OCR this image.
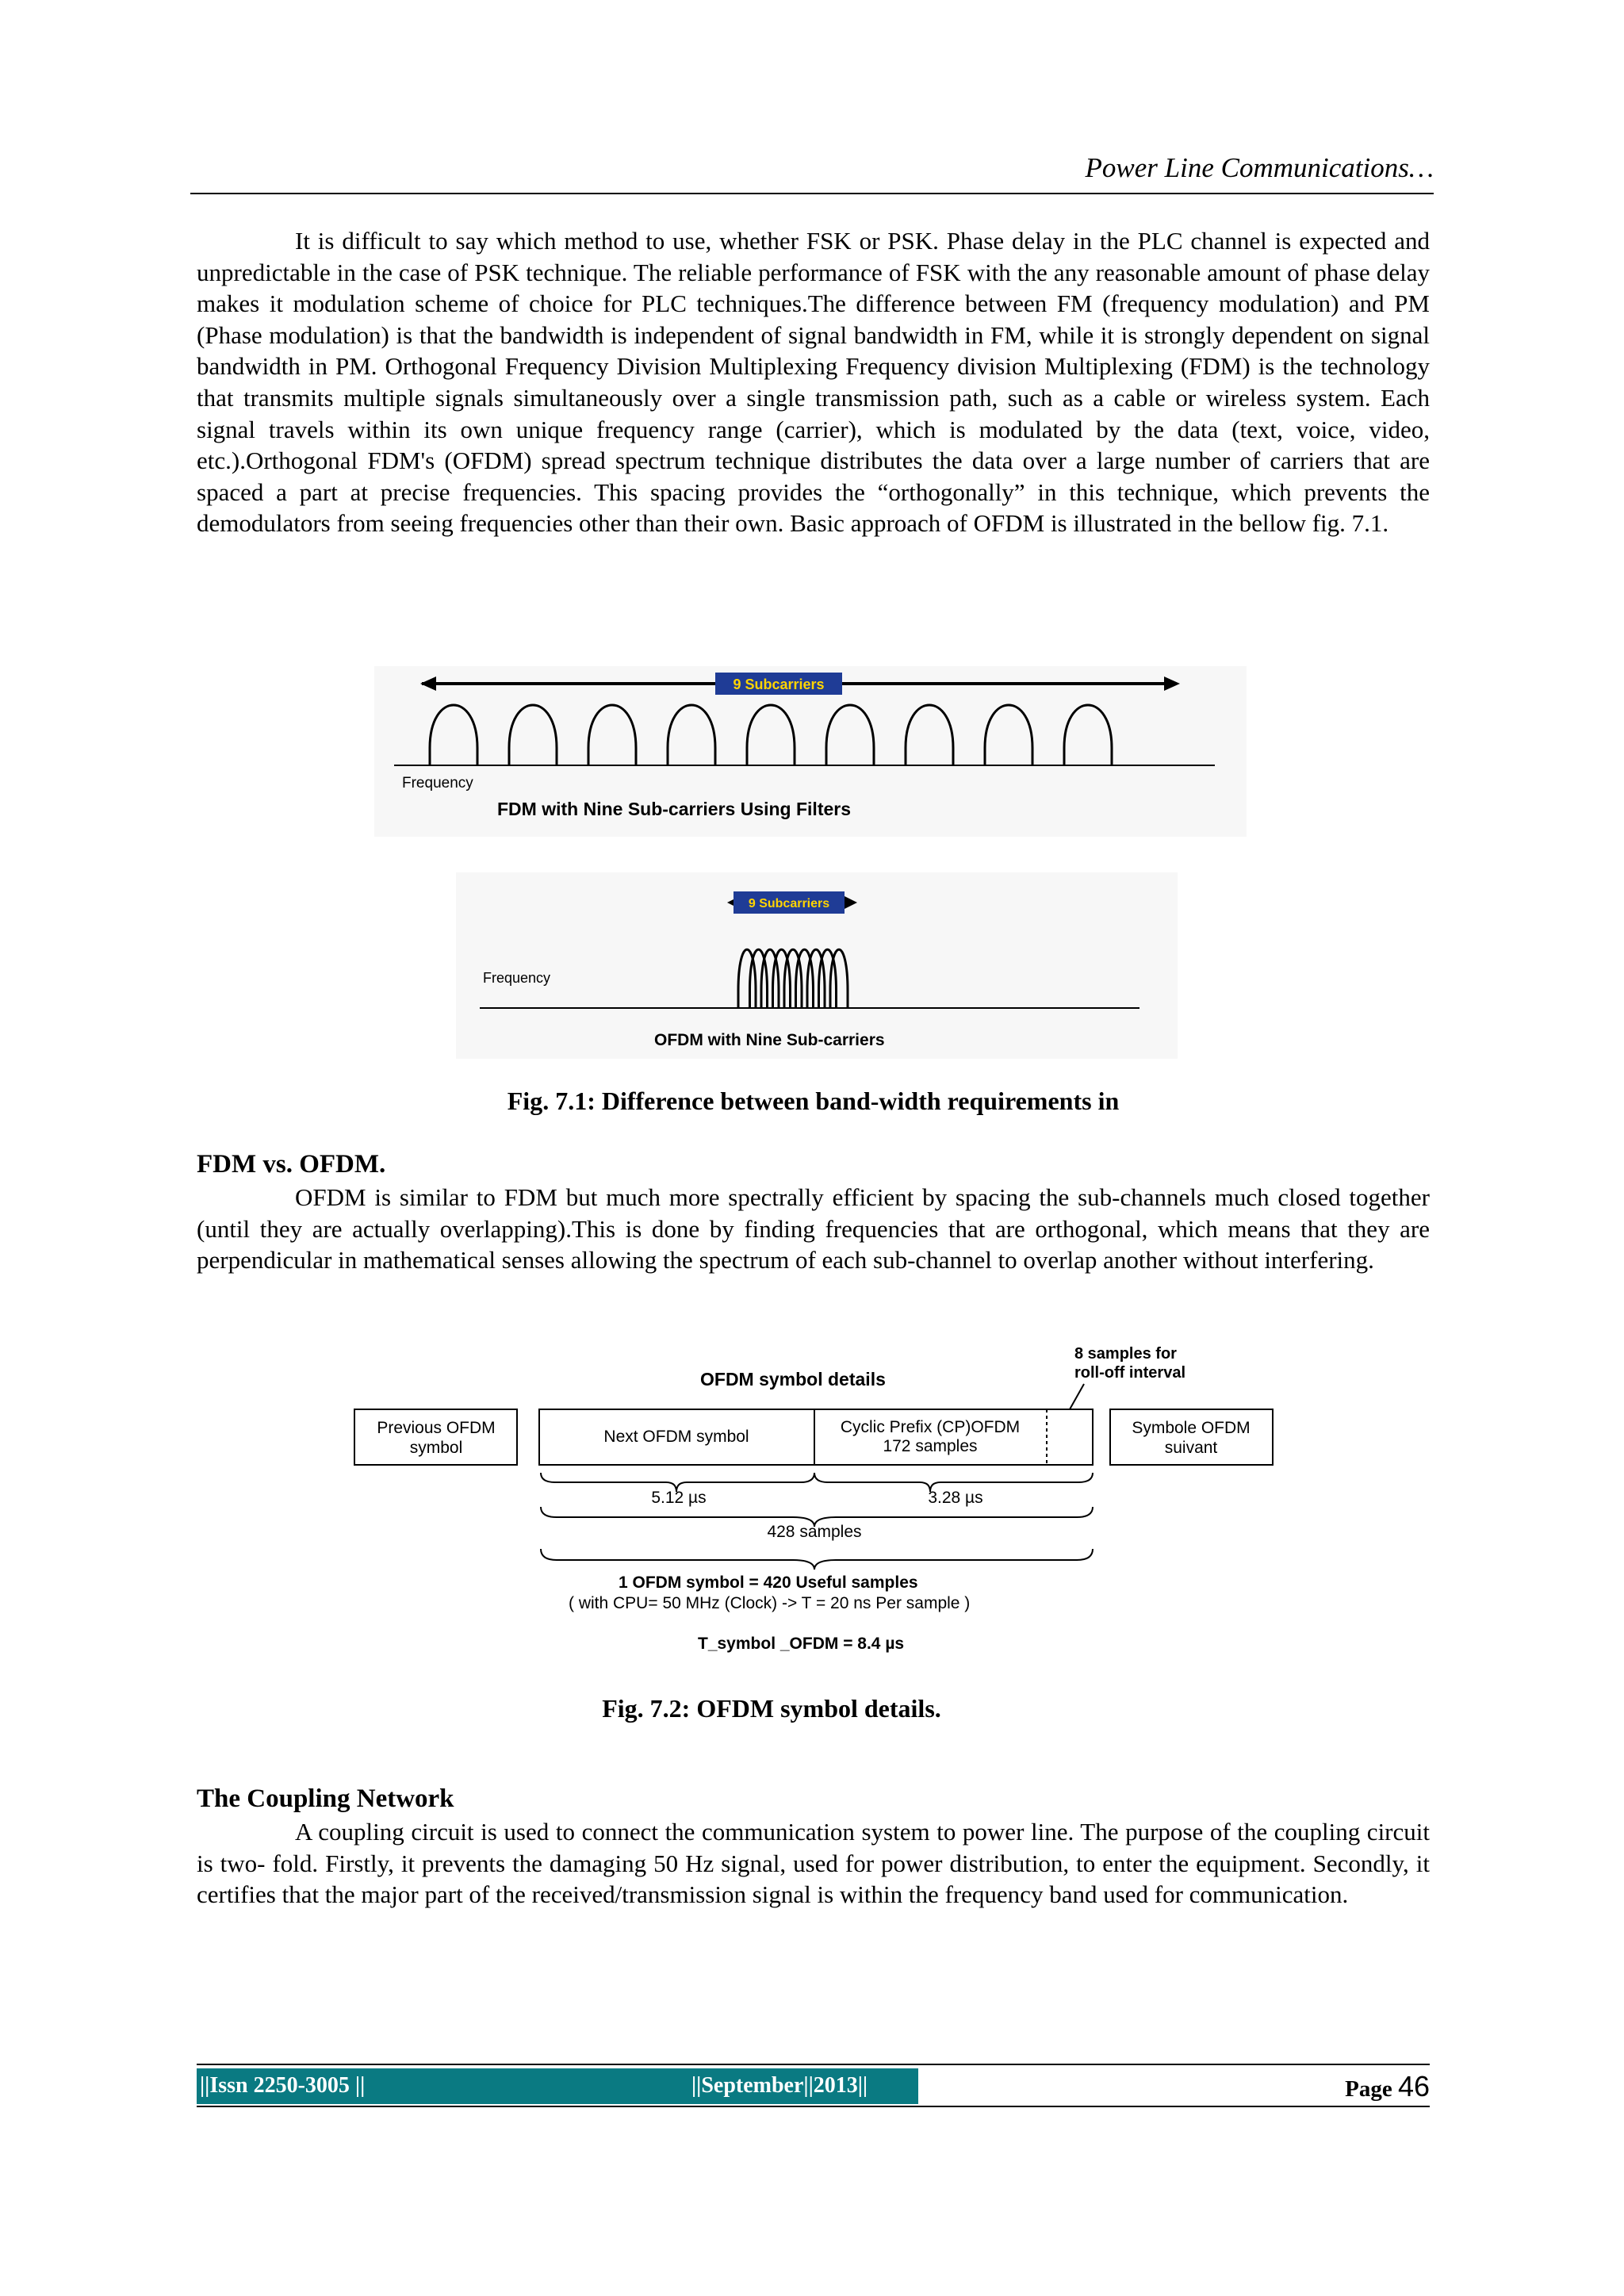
Power Line Communications…

It is difficult to say which method to use, whether FSK or PSK. Phase delay in the PLC channel is expected and unpredictable in the case of PSK technique. The reliable performance of FSK with the any reasonable amount of phase delay makes it modulation scheme of choice for PLC techniques.The difference between FM (frequency modulation) and PM (Phase modulation) is that the bandwidth is independent of signal bandwidth in FM, while it is strongly dependent on signal bandwidth in PM. Orthogonal Frequency Division Multiplexing Frequency division Multiplexing (FDM) is the technology that transmits multiple signals simultaneously over a single transmission path, such as a cable or wireless system. Each signal travels within its own unique frequency range (carrier), which is modulated by the data (text, voice, video, etc.).Orthogonal FDM's (OFDM) spread spectrum technique distributes the data over a large number of carriers that are spaced a part at precise frequencies. This spacing provides the “orthogonally” in this technique, which prevents the demodulators from seeing frequencies other than their own. Basic approach of OFDM is illustrated in the bellow fig. 7.1.

9 Subcarriers
Frequency
FDM with Nine Sub-carriers Using Filters
9 Subcarriers
Frequency
OFDM with Nine Sub-carriers
Fig. 7.1: Difference between band-width requirements in
FDM vs. OFDM.

OFDM is similar to FDM but much more spectrally efficient by spacing the sub-channels much closed together (until they are actually overlapping).This is done by finding frequencies that are orthogonal, which means that they are perpendicular in mathematical senses allowing the spectrum of each sub-channel to overlap another without interfering.

OFDM symbol details
8 samples for
roll-off interval
Previous OFDM
symbol
Next OFDM symbol
Cyclic Prefix (CP)OFDM
172 samples
Symbole OFDM
suivant
5.12 µs	3.28 µs
428 samples
1 OFDM symbol = 420 Useful samples
( with CPU= 50 MHz (Clock) -> T = 20 ns Per sample )
T_symbol _OFDM = 8.4 µs
Fig. 7.2: OFDM symbol details.
The Coupling Network

A coupling circuit is used to connect the communication system to power line. The purpose of the coupling circuit is two- fold. Firstly, it prevents the damaging 50 Hz signal, used for power distribution, to enter the equipment. Secondly, it certifies that the major part of the received/transmission signal is within the frequency band used for communication.

||Issn 2250-3005 ||	||September||2013||	Page 46
